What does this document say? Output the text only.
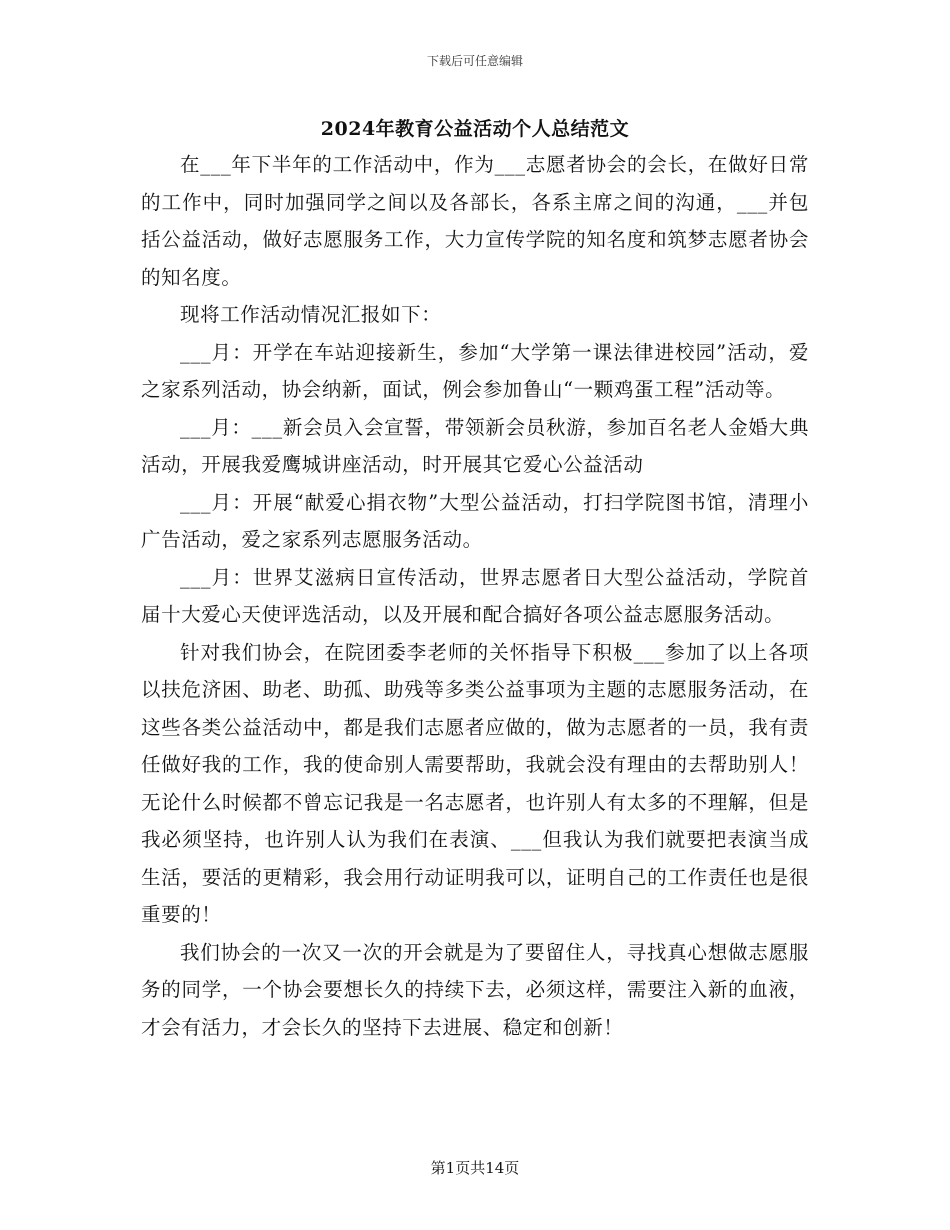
下载后可任意编辑
2024年教育公益活动个人总结范文

在___年下半年的工作活动中，作为___志愿者协会的会长，在做好日常的工作中，同时加强同学之间以及各部长，各系主席之间的沟通，___并包括公益活动，做好志愿服务工作，大力宣传学院的知名度和筑梦志愿者协会的知名度。

现将工作活动情况汇报如下：

___月：开学在车站迎接新生，参加“大学第一课法律进校园”活动，爱之家系列活动，协会纳新，面试，例会参加鲁山“一颗鸡蛋工程”活动等。

___月：___新会员入会宣誓，带领新会员秋游，参加百名老人金婚大典活动，开展我爱鹰城讲座活动，时开展其它爱心公益活动

___月：开展“献爱心捐衣物”大型公益活动，打扫学院图书馆，清理小广告活动，爱之家系列志愿服务活动。

___月：世界艾滋病日宣传活动，世界志愿者日大型公益活动，学院首届十大爱心天使评选活动，以及开展和配合搞好各项公益志愿服务活动。

针对我们协会，在院团委李老师的关怀指导下积极___参加了以上各项以扶危济困、助老、助孤、助残等多类公益事项为主题的志愿服务活动，在这些各类公益活动中，都是我们志愿者应做的，做为志愿者的一员，我有责任做好我的工作，我的使命别人需要帮助，我就会没有理由的去帮助别人！无论什么时候都不曾忘记我是一名志愿者，也许别人有太多的不理解，但是我必须坚持，也许别人认为我们在表演、___但我认为我们就要把表演当成生活，要活的更精彩，我会用行动证明我可以，证明自己的工作责任也是很重要的！

我们协会的一次又一次的开会就是为了要留住人，寻找真心想做志愿服务的同学，一个协会要想长久的持续下去，必须这样，需要注入新的血液，才会有活力，才会长久的坚持下去进展、稳定和创新！

第1页共14页
